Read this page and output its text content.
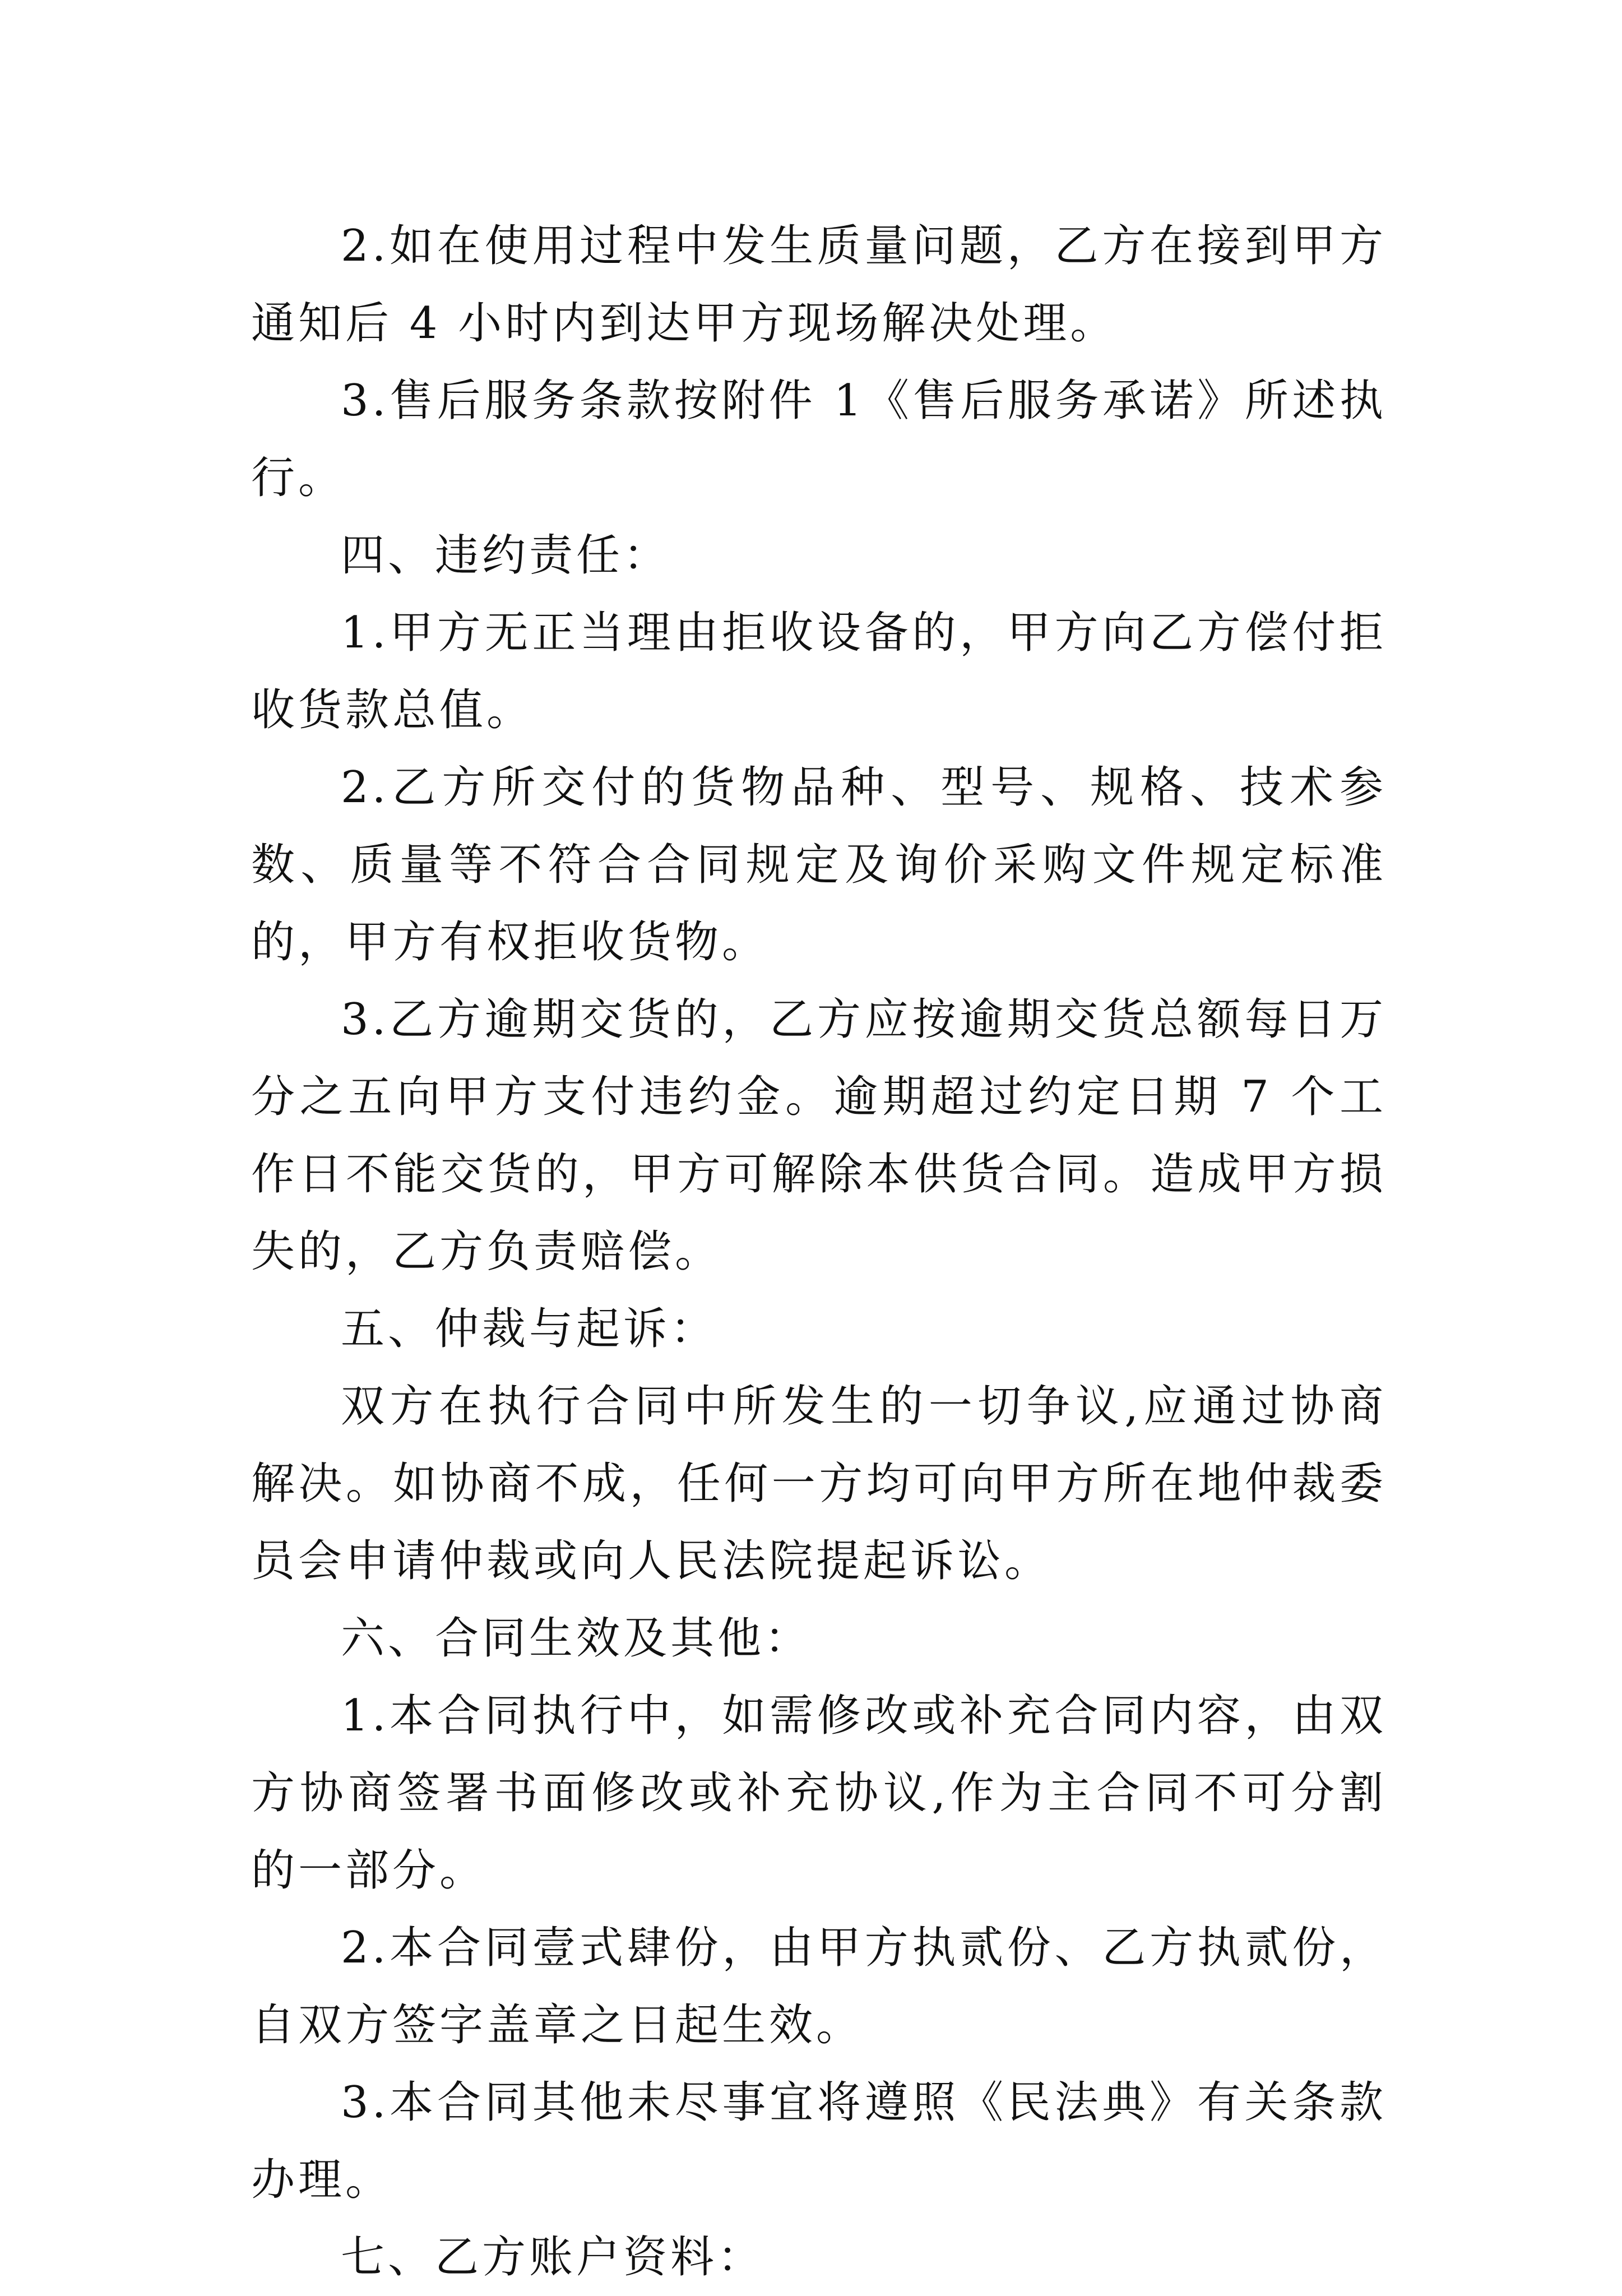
2.如在使用过程中发生质量问题，乙方在接到甲方通知后 4 小时内到达甲方现场解决处理。

3.售后服务条款按附件 1《售后服务承诺》所述执行。

四、违约责任：

1.甲方无正当理由拒收设备的，甲方向乙方偿付拒收货款总值。

2.乙方所交付的货物品种、型号、规格、技术参数、质量等不符合合同规定及询价采购文件规定标准的，甲方有权拒收货物。

3.乙方逾期交货的，乙方应按逾期交货总额每日万分之五向甲方支付违约金。逾期超过约定日期 7 个工作日不能交货的，甲方可解除本供货合同。造成甲方损失的，乙方负责赔偿。

五、仲裁与起诉：

双方在执行合同中所发生的一切争议,应通过协商解决。如协商不成，任何一方均可向甲方所在地仲裁委员会申请仲裁或向人民法院提起诉讼。

六、合同生效及其他：

1.本合同执行中，如需修改或补充合同内容，由双方协商签署书面修改或补充协议,作为主合同不可分割的一部分。

2.本合同壹式肆份，由甲方执贰份、乙方执贰份，自双方签字盖章之日起生效。

3.本合同其他未尽事宜将遵照《民法典》有关条款办理。

七、乙方账户资料：
